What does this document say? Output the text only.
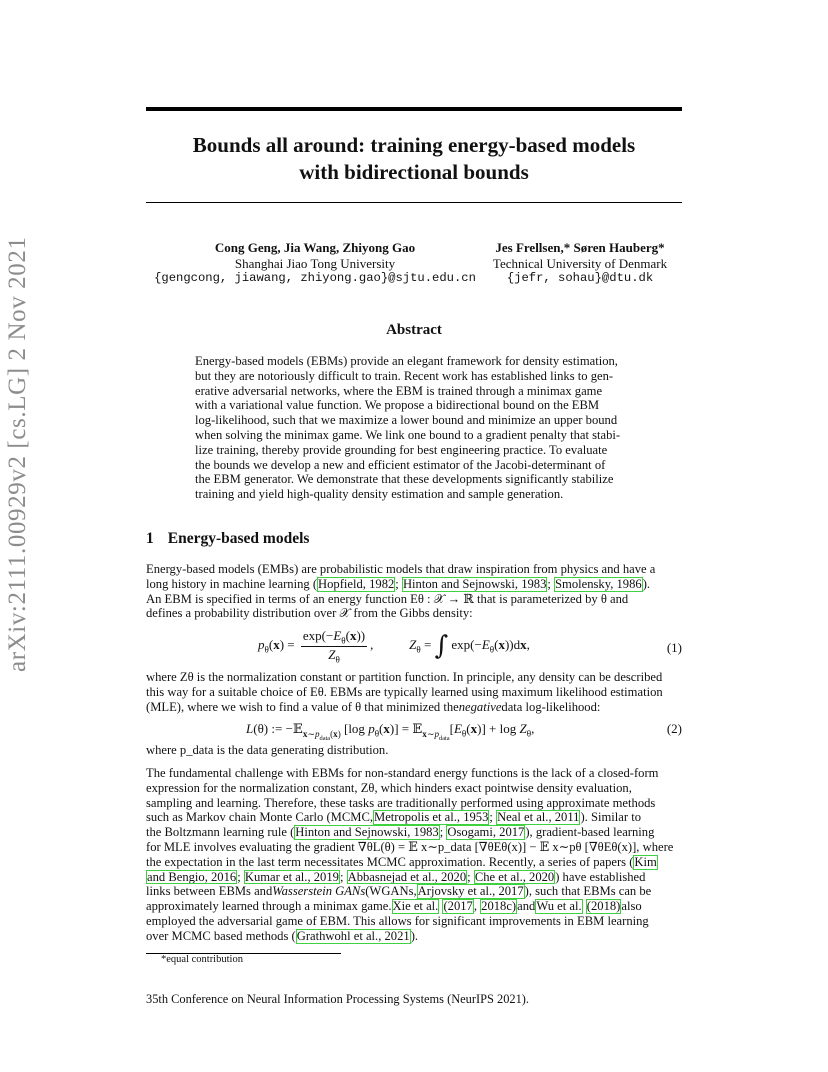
Bounds all around: training energy-based models
with bidirectional bounds
arXiv:2111.00929v2 [cs.LG] 2 Nov 2021	Cong Geng, Jia Wang, Zhiyong Gao
Shanghai Jiao Tong University
{gengcong, jiawang, zhiyong.gao}@sjtu.edu.cn
Jes Frellsen,* Søren Hauberg*
Technical University of Denmark
{jefr, sohau}@dtu.dk
Abstract
Energy-based models (EBMs) provide an elegant framework for density estimation,
but they are notoriously difficult to train. Recent work has established links to gen-
erative adversarial networks, where the EBM is trained through a minimax game
with a variational value function. We propose a bidirectional bound on the EBM
log-likelihood, such that we maximize a lower bound and minimize an upper bound
when solving the minimax game. We link one bound to a gradient penalty that stabi-
lize training, thereby provide grounding for best engineering practice. To evaluate
the bounds we develop a new and efficient estimator of the Jacobi-determinant of
the EBM generator. We demonstrate that these developments significantly stabilize
training and yield high-quality density estimation and sample generation.
1 Energy-based models
Energy-based models (EMBs) are probabilistic models that draw inspiration from physics and have a
long history in machine learning ( Hopfield, 1982 ; Hinton and Sejnowski, 1983 ; Smolensky, 1986 ).
An EBM is specified in terms of an energy function Eθ : 𝒳 → ℝ that is parameterized by θ and
defines a probability distribution over 𝒳 from the Gibbs density:
$p_\theta(x) = \frac{\exp(-E_\theta(x))}{Z_\theta}$ ,           $Z_\theta$ = ∫ $\exp(-E_\theta(x))dx$,	(1)
where Zθ is the normalization constant or partition function. In principle, any density can be described
this way for a suitable choice of Eθ. EBMs are typically learned using maximum likelihood estimation
(MLE), where we wish to find a value of θ that minimized the negative data log-likelihood:
L(θ) := −𝔼$_{x\sim p_{data}(x)}$ [log $p_\theta(x)$] = $𝔼_{x\sim p_{data}}[E_\theta(x)] + \log Z_\theta$,	(2)
where p_data is the data generating distribution.
The fundamental challenge with EBMs for non-standard energy functions is the lack of a closed-form
expression for the normalization constant, Zθ, which hinders exact pointwise density evaluation,
sampling and learning. Therefore, these tasks are traditionally performed using approximate methods
such as Markov chain Monte Carlo (MCMC, Metropolis et al., 1953 ; Neal et al., 2011 ). Similar to
the Boltzmann learning rule ( Hinton and Sejnowski, 1983 ; Osogami, 2017 ), gradient-based learning
for MLE involves evaluating the gradient ∇θL(θ) = 𝔼 x∼p_data [∇θEθ(x)] − 𝔼 x∼pθ [∇θEθ(x)], where
the expectation in the last term necessitates MCMC approximation. Recently, a series of papers ( Kim
and Bengio, 2016 ; Kumar et al., 2019 ; Abbasnejad et al., 2020 ; Che et al., 2020 ) have established
links between EBMs and Wasserstein GANs (WGANs, Arjovsky et al., 2017 ), such that EBMs can be
approximately learned through a minimax game. Xie et al.
(2017 , 2018c) and Wu et al.
(2018) also
employed the adversarial game of EBM. This allows for significant improvements in EBM learning
over MCMC based methods ( Grathwohl et al., 2021 ).
*equal contribution
35th Conference on Neural Information Processing Systems (NeurIPS 2021).
